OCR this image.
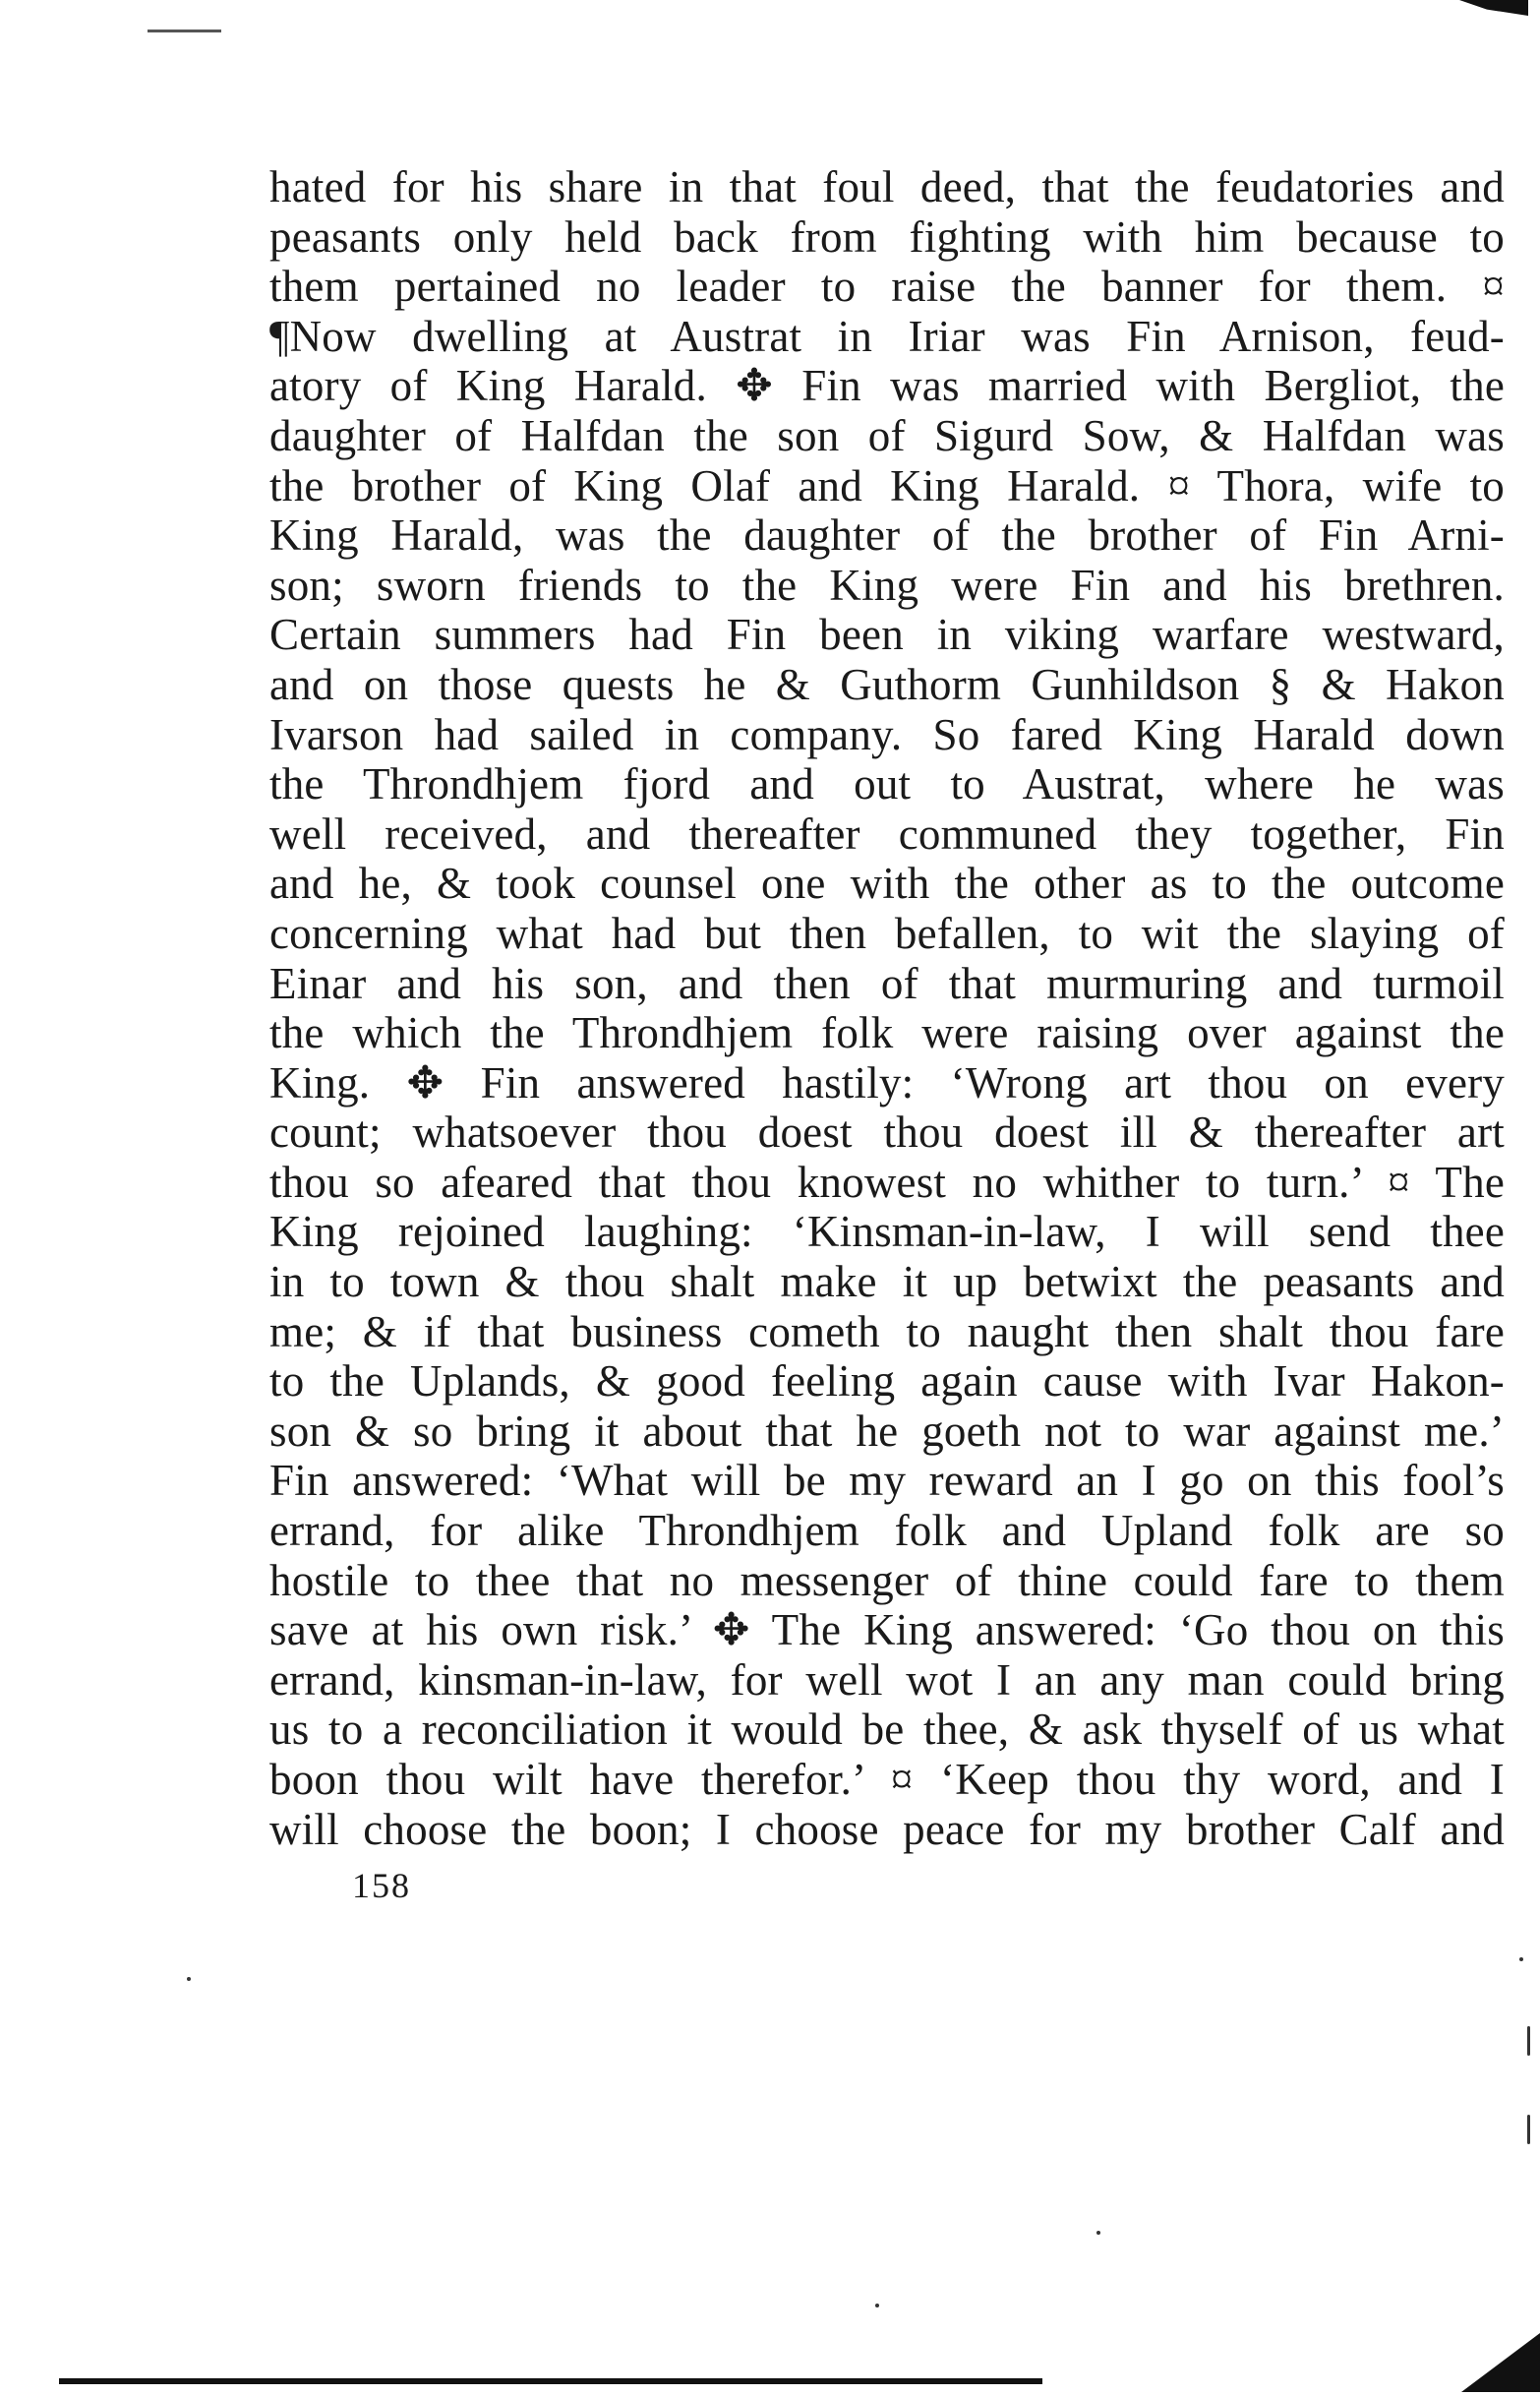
hated for his share in that foul deed, that the feudatories and
peasants only held back from fighting with him because to
them pertained no leader to raise the banner for them. ¤
¶Now dwelling at Austrat in Iriar was Fin Arnison, feud-
atory of King Harald. ✥ Fin was married with Bergliot, the
daughter of Halfdan the son of Sigurd Sow, & Halfdan was
the brother of King Olaf and King Harald. ¤ Thora, wife to
King Harald, was the daughter of the brother of Fin Arni-
son; sworn friends to the King were Fin and his brethren.
Certain summers had Fin been in viking warfare westward,
and on those quests he & Guthorm Gunhildson § & Hakon
Ivarson had sailed in company. So fared King Harald down
the Throndhjem fjord and out to Austrat, where he was
well received, and thereafter communed they together, Fin
and he, & took counsel one with the other as to the outcome
concerning what had but then befallen, to wit the slaying of
Einar and his son, and then of that murmuring and turmoil
the which the Throndhjem folk were raising over against the
King. ✥ Fin answered hastily: ‘Wrong art thou on every
count; whatsoever thou doest thou doest ill & thereafter art
thou so afeared that thou knowest no whither to turn.’ ¤ The
King rejoined laughing: ‘Kinsman-in-law, I will send thee
in to town & thou shalt make it up betwixt the peasants and
me; & if that business cometh to naught then shalt thou fare
to the Uplands, & good feeling again cause with Ivar Hakon-
son & so bring it about that he goeth not to war against me.’
Fin answered: ‘What will be my reward an I go on this fool’s
errand, for alike Throndhjem folk and Upland folk are so
hostile to thee that no messenger of thine could fare to them
save at his own risk.’ ✥ The King answered: ‘Go thou on this
errand, kinsman-in-law, for well wot I an any man could bring
us to a reconciliation it would be thee, & ask thyself of us what
boon thou wilt have therefor.’ ¤ ‘Keep thou thy word, and I
will choose the boon; I choose peace for my brother Calf and
158
